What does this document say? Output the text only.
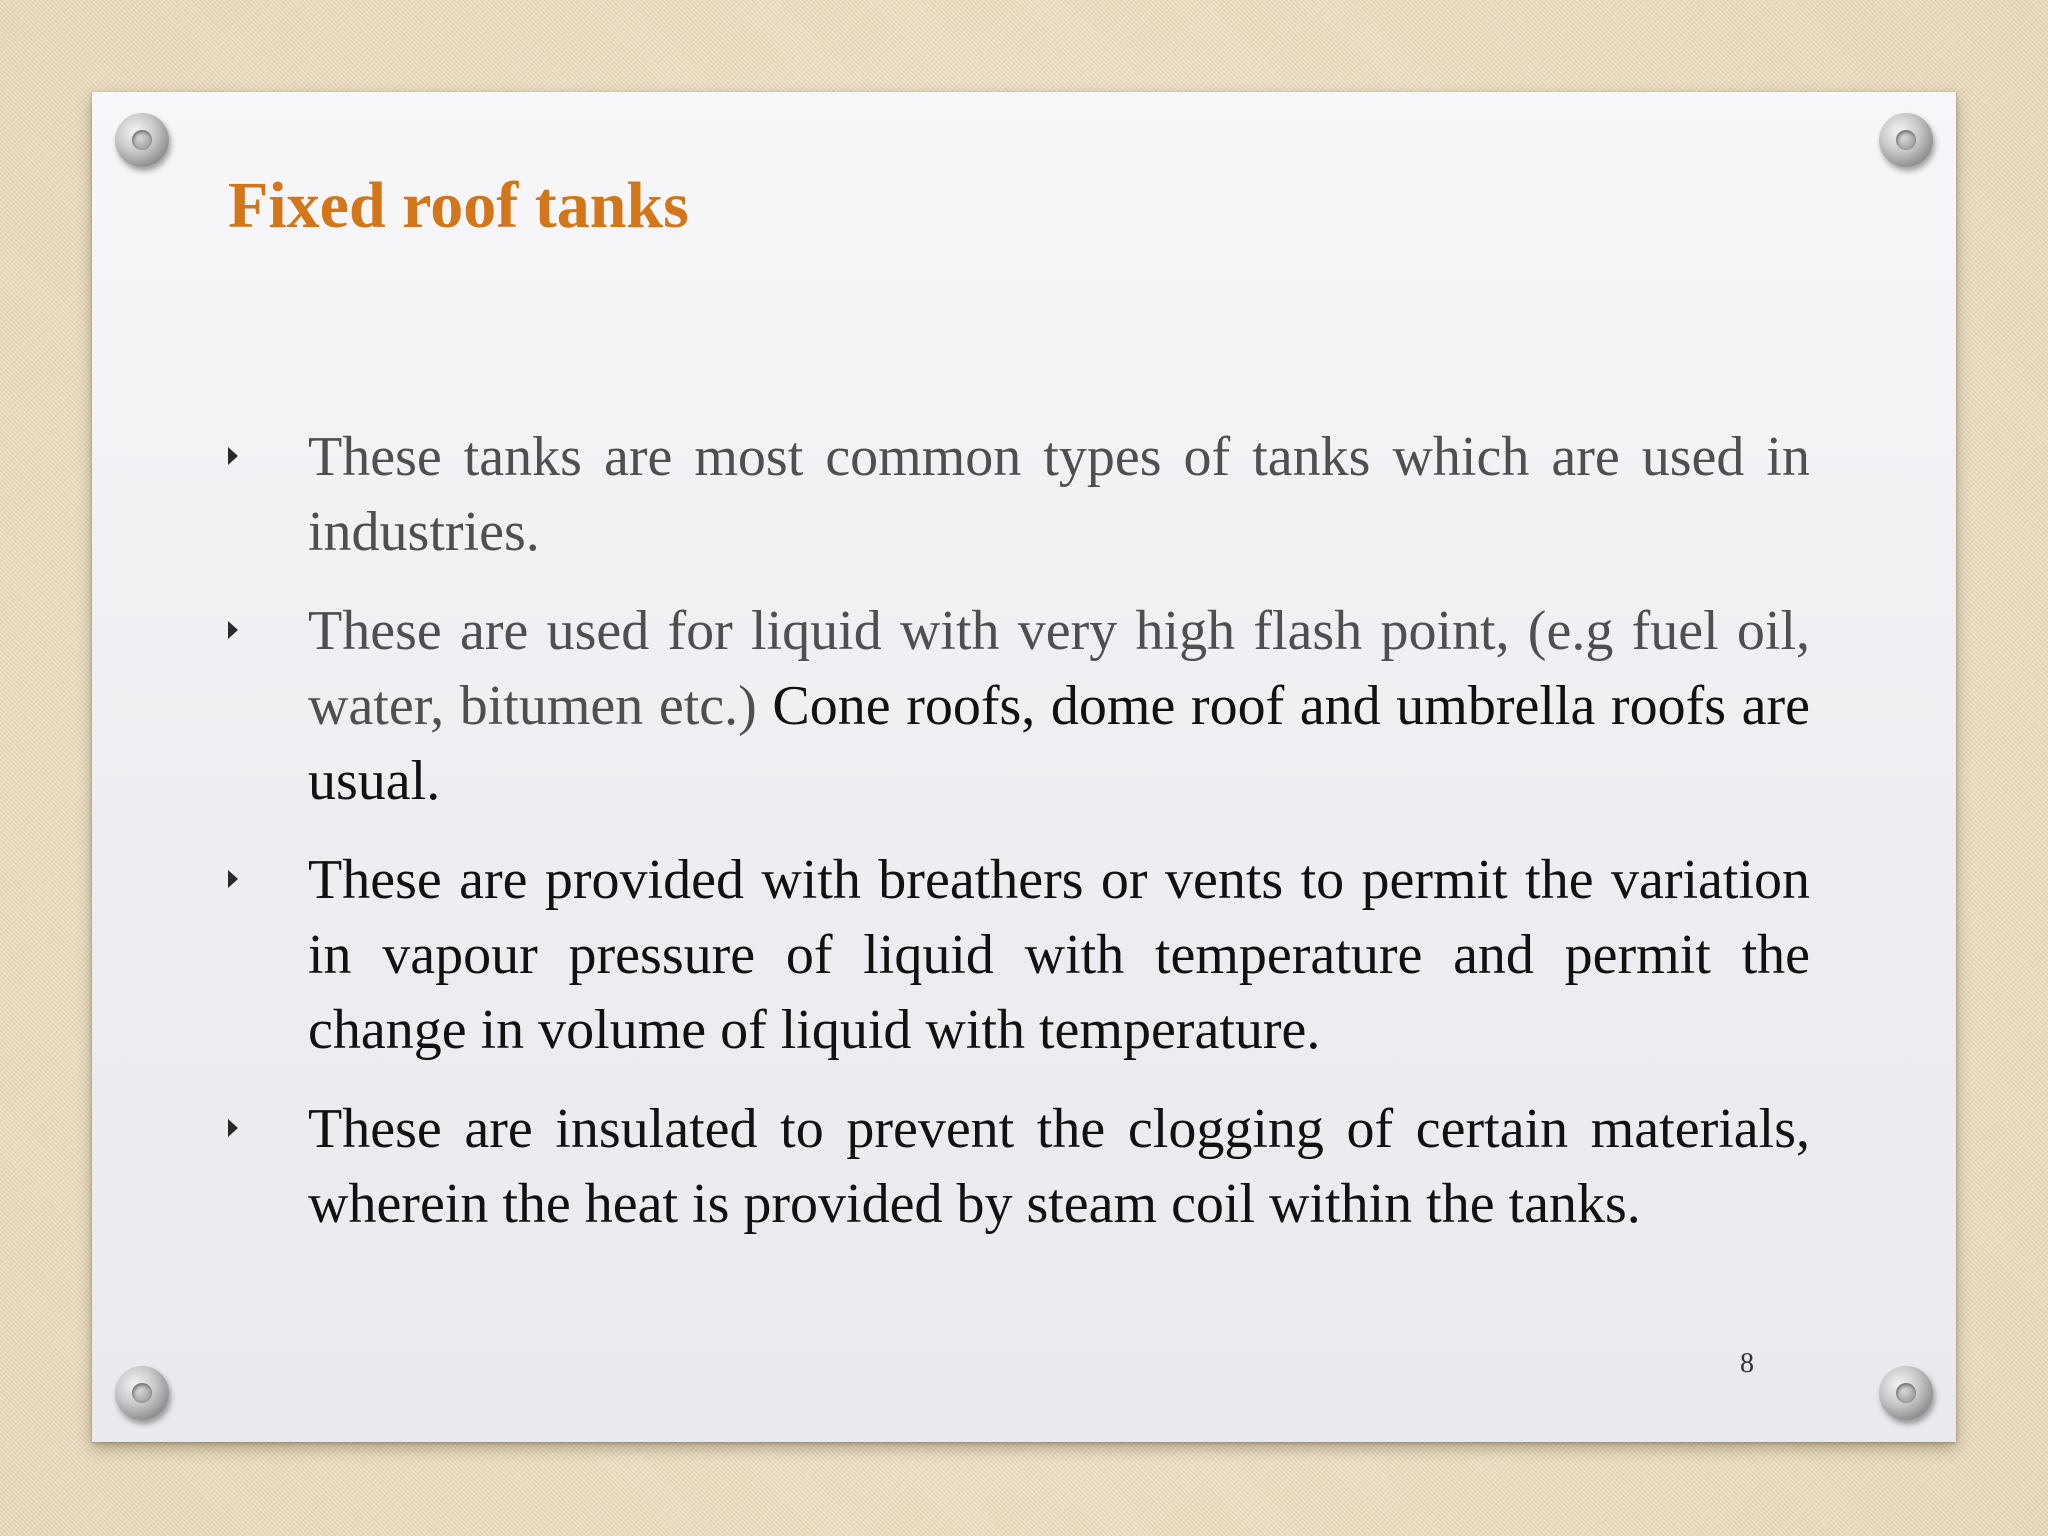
Fixed roof tanks
These tanks are most common types of tanks which are used in industries.
These are used for liquid with very high flash point, (e.g fuel oil, water, bitumen etc.) Cone roofs, dome roof and umbrella roofs are usual.
These are provided with breathers or vents to permit the variation in vapour pressure of liquid with temperature and permit the change in volume of liquid with temperature.
These are insulated to prevent the clogging of certain materials, wherein the heat is provided by steam coil within the tanks.
8
